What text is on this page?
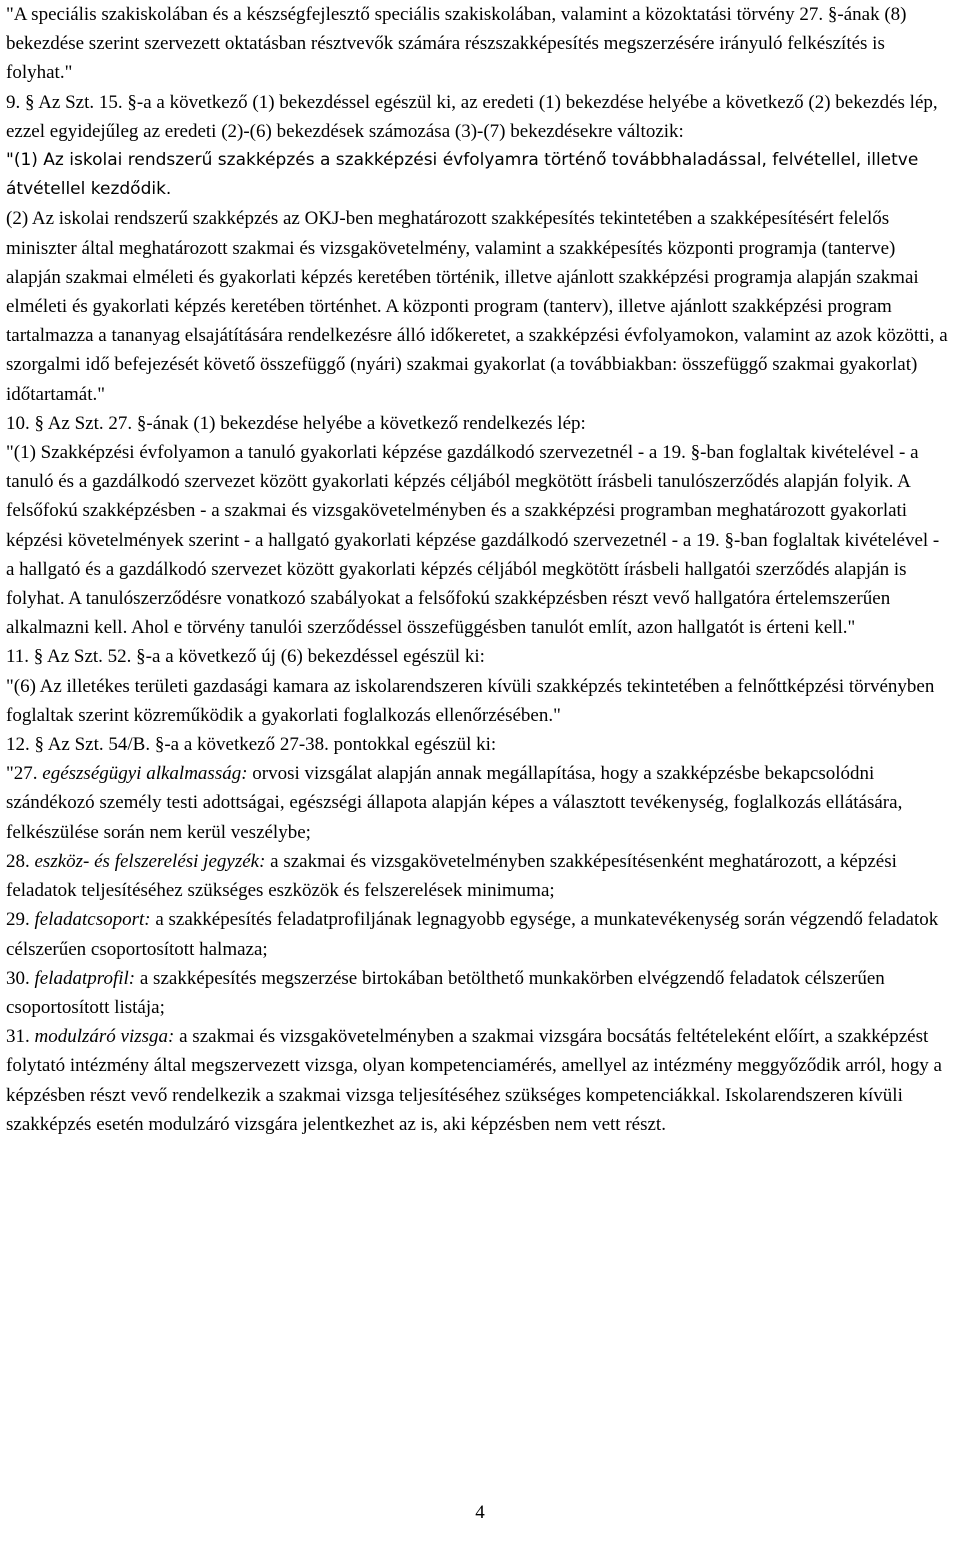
"A speciális szakiskolában és a készségfejlesztő speciális szakiskolában, valamint a közoktatási törvény 27. §-ának (8) bekezdése szerint szervezett oktatásban résztvevők számára részszakképesítés megszerzésére irányuló felkészítés is folyhat."

9. § Az Szt. 15. §-a a következő (1) bekezdéssel egészül ki, az eredeti (1) bekezdése helyébe a következő (2) bekezdés lép, ezzel egyidejűleg az eredeti (2)-(6) bekezdések számozása (3)-(7) bekezdésekre változik:

"(1) Az iskolai rendszerű szakképzés a szakképzési évfolyamra történő továbbhaladással, felvétellel, illetve átvétellel kezdődik.

(2) Az iskolai rendszerű szakképzés az OKJ-ben meghatározott szakképesítés tekintetében a szakképesítésért felelős miniszter által meghatározott szakmai és vizsgakövetelmény, valamint a szakképesítés központi programja (tanterve) alapján szakmai elméleti és gyakorlati képzés keretében történik, illetve ajánlott szakképzési programja alapján szakmai elméleti és gyakorlati képzés keretében történhet. A központi program (tanterv), illetve ajánlott szakképzési program tartalmazza a tananyag elsajátítására rendelkezésre álló időkeretet, a szakképzési évfolyamokon, valamint az azok közötti, a szorgalmi idő befejezését követő összefüggő (nyári) szakmai gyakorlat (a továbbiakban: összefüggő szakmai gyakorlat) időtartamát."

10. § Az Szt. 27. §-ának (1) bekezdése helyébe a következő rendelkezés lép:

"(1) Szakképzési évfolyamon a tanuló gyakorlati képzése gazdálkodó szervezetnél - a 19. §-ban foglaltak kivételével - a tanuló és a gazdálkodó szervezet között gyakorlati képzés céljából megkötött írásbeli tanulószerződés alapján folyik. A felsőfokú szakképzésben - a szakmai és vizsgakövetelményben és a szakképzési programban meghatározott gyakorlati képzési követelmények szerint - a hallgató gyakorlati képzése gazdálkodó szervezetnél - a 19. §-ban foglaltak kivételével - a hallgató és a gazdálkodó szervezet között gyakorlati képzés céljából megkötött írásbeli hallgatói szerződés alapján is folyhat. A tanulószerződésre vonatkozó szabályokat a felsőfokú szakképzésben részt vevő hallgatóra értelemszerűen alkalmazni kell. Ahol e törvény tanulói szerződéssel összefüggésben tanulót említ, azon hallgatót is érteni kell."

11. § Az Szt. 52. §-a a következő új (6) bekezdéssel egészül ki:

"(6) Az illetékes területi gazdasági kamara az iskolarendszeren kívüli szakképzés tekintetében a felnőttképzési törvényben foglaltak szerint közreműködik a gyakorlati foglalkozás ellenőrzésében."

12. § Az Szt. 54/B. §-a a következő 27-38. pontokkal egészül ki:

"27. egészségügyi alkalmasság: orvosi vizsgálat alapján annak megállapítása, hogy a szakképzésbe bekapcsolódni szándékozó személy testi adottságai, egészségi állapota alapján képes a választott tevékenység, foglalkozás ellátására, felkészülése során nem kerül veszélybe;

28. eszköz- és felszerelési jegyzék: a szakmai és vizsgakövetelményben szakképesítésenként meghatározott, a képzési feladatok teljesítéséhez szükséges eszközök és felszerelések minimuma;

29. feladatcsoport: a szakképesítés feladatprofiljának legnagyobb egysége, a munkatevékenység során végzendő feladatok célszerűen csoportosított halmaza;

30. feladatprofil: a szakképesítés megszerzése birtokában betölthető munkakörben elvégzendő feladatok célszerűen csoportosított listája;

31. modulzáró vizsga: a szakmai és vizsgakövetelményben a szakmai vizsgára bocsátás feltételeként előírt, a szakképzést folytató intézmény által megszervezett vizsga, olyan kompetenciamérés, amellyel az intézmény meggyőződik arról, hogy a képzésben részt vevő rendelkezik a szakmai vizsga teljesítéséhez szükséges kompetenciákkal. Iskolarendszeren kívüli szakképzés esetén modulzáró vizsgára jelentkezhet az is, aki képzésben nem vett részt.

4
